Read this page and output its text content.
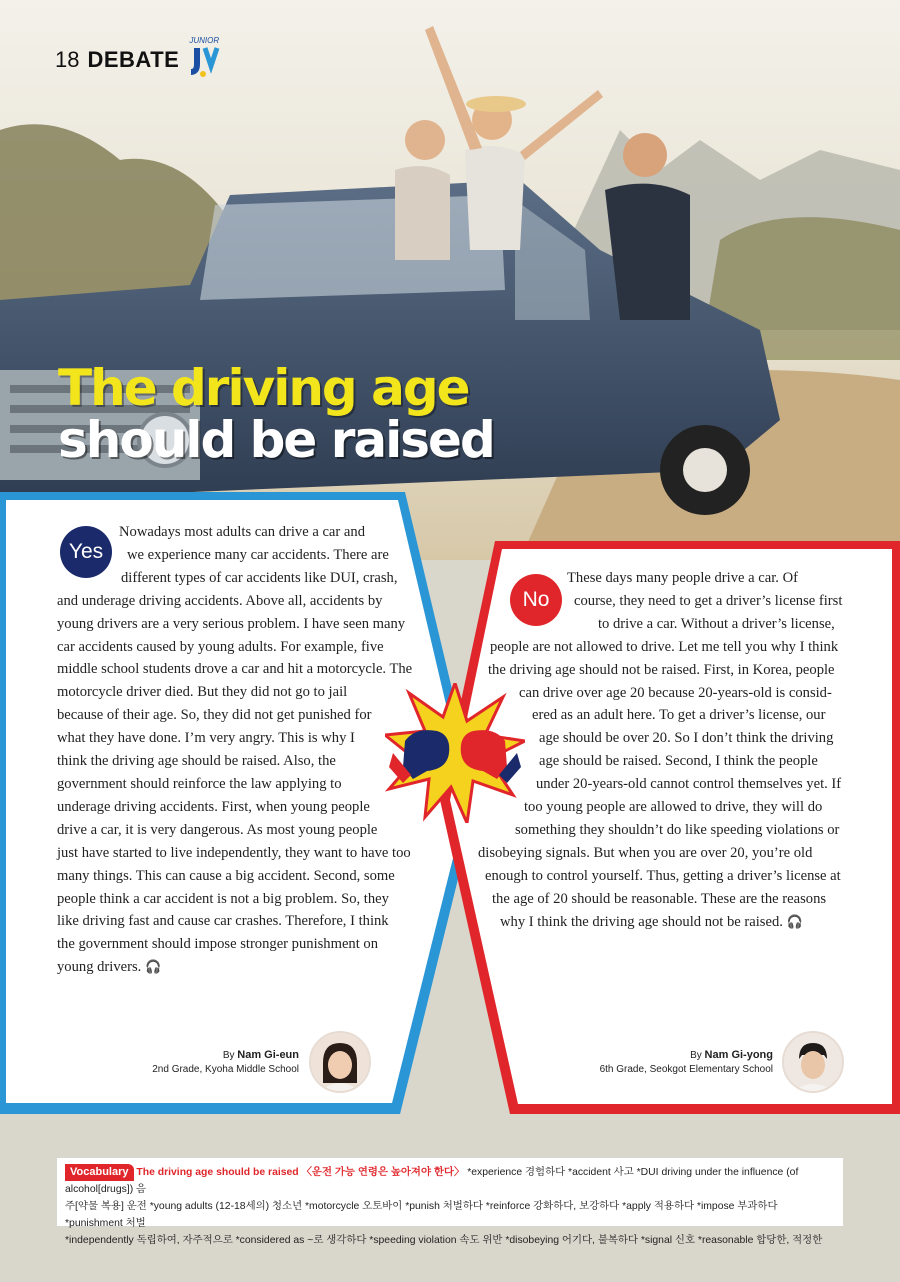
18 DEBATE
JUNIOR
The driving age
should be raised
Yes
Nowadays most adults can drive a car and
we experience many car accidents. There are
different types of car accidents like DUI, crash,
and underage driving accidents. Above all, accidents by
young drivers are a very serious problem. I have seen many
car accidents caused by young adults. For example, five
middle school students drove a car and hit a motorcycle. The
motorcycle driver died. But they did not go to jail
because of their age. So, they did not get punished for
what they have done. I’m very angry. This is why I
think the driving age should be raised. Also, the
government should reinforce the law applying to
underage driving accidents. First, when young people
drive a car, it is very dangerous. As most young people
just have started to live independently, they want to have too
many things. This can cause a big accident. Second, some
people think a car accident is not a big problem. So, they
like driving fast and cause car crashes. Therefore, I think
the government should impose stronger punishment on
young drivers. 🎧
By Nam Gi-eun
2nd Grade, Kyoha Middle School
No
These days many people drive a car. Of
course, they need to get a driver’s license first
to drive a car. Without a driver’s license,
people are not allowed to drive. Let me tell you why I think
the driving age should not be raised. First, in Korea, people
can drive over age 20 because 20-years-old is consid-
ered as an adult here. To get a driver’s license, our
age should be over 20. So I don’t think the driving
age should be raised. Second, I think the people
under 20-years-old cannot control themselves yet. If
too young people are allowed to drive, they will do
something they shouldn’t do like speeding violations or
disobeying signals. But when you are over 20, you’re old
enough to control yourself. Thus, getting a driver’s license at
the age of 20 should be reasonable. These are the reasons
why I think the driving age should not be raised. 🎧
By Nam Gi-yong
6th Grade, Seokgot Elementary School
Vocabulary The driving age should be raised 〈운전 가능 연령은 높아져야 한다〉 *experience 경험하다 *accident 사고 *DUI driving under the influence (of alcohol[drugs]) 음
주[약물 복용] 운전 *young adults (12-18세의) 청소년 *motorcycle 오토바이 *punish 처벌하다 *reinforce 강화하다, 보강하다 *apply 적용하다 *impose 부과하다 *punishment 처벌
*independently 독립하여, 자주적으로 *considered as ~로 생각하다 *speeding violation 속도 위반 *disobeying 어기다, 불복하다 *signal 신호 *reasonable 합당한, 적정한
